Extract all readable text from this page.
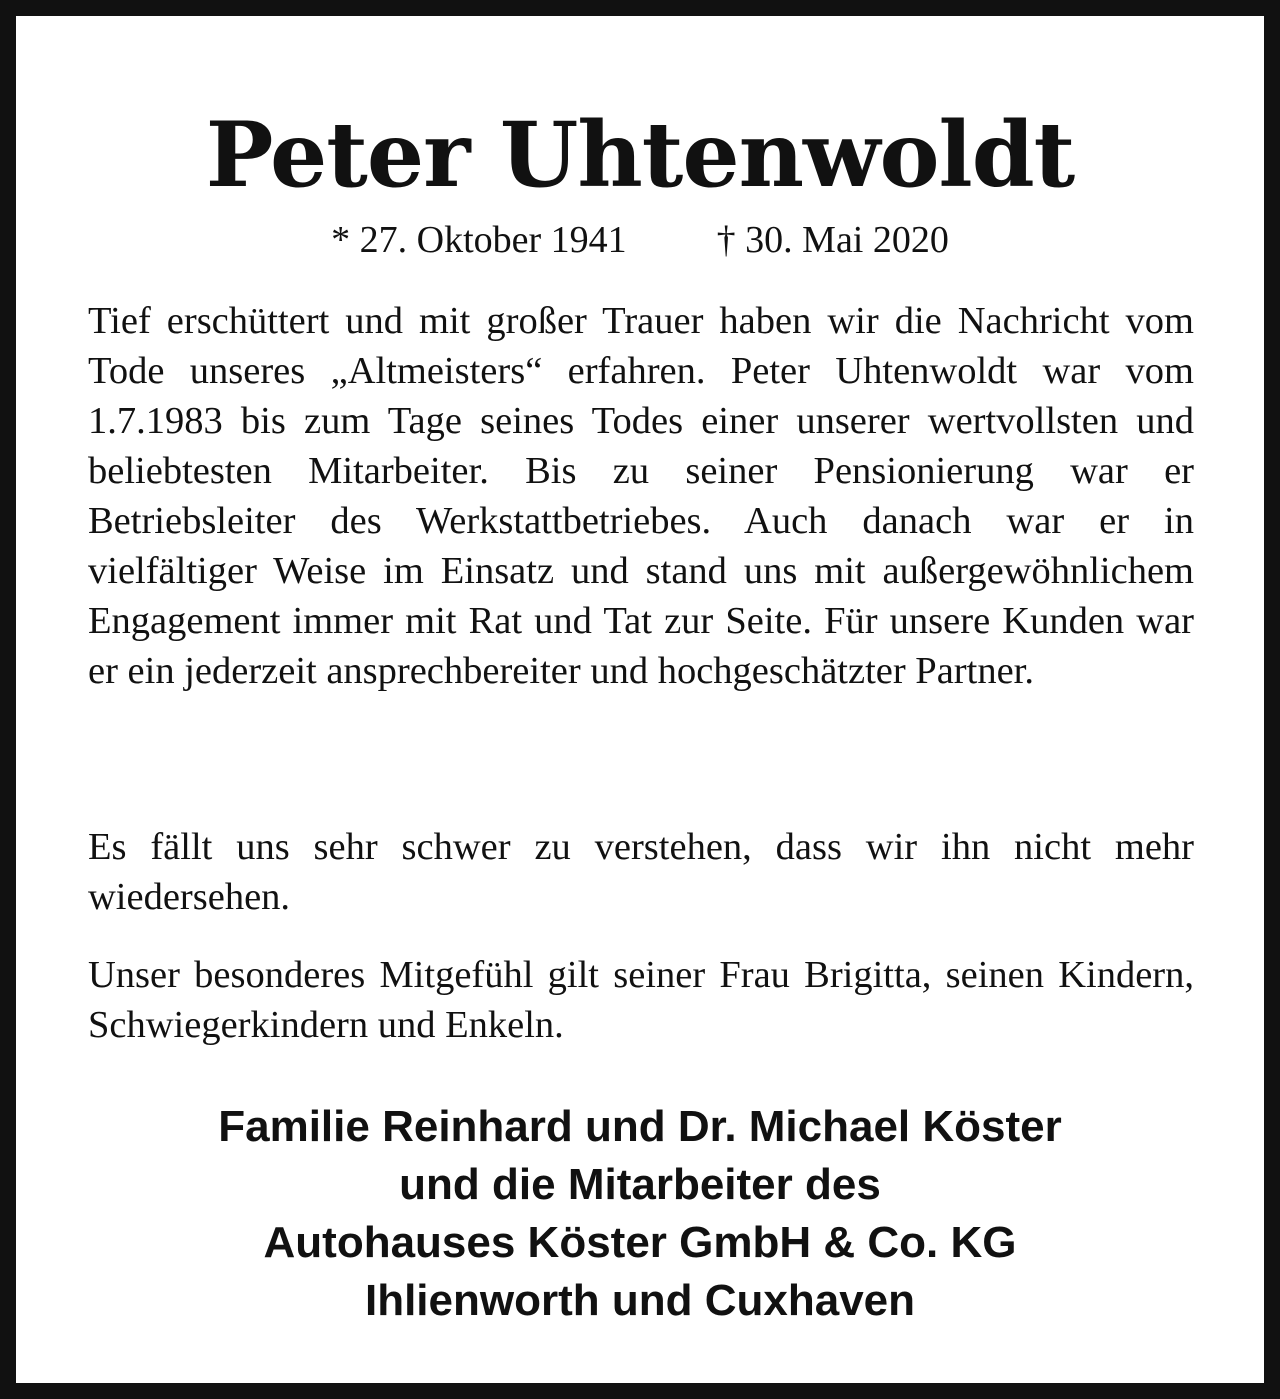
Peter Uhtenwoldt
* 27. Oktober 1941 † 30. Mai 2020

Tief erschüttert und mit großer Trauer haben wir die Nachricht vom Tode unseres „Altmeisters“ erfahren. Peter Uhtenwoldt war vom 1.7.1983 bis zum Tage seines Todes einer unserer wertvollsten und beliebtesten Mitarbeiter. Bis zu seiner Pensionierung war er Betriebsleiter des Werkstattbetriebes. Auch danach war er in vielfältiger Weise im Einsatz und stand uns mit außergewöhnlichem Engagement immer mit Rat und Tat zur Seite. Für unsere Kunden war er ein jederzeit ansprechbereiter und hochgeschätzter Partner.

Es fällt uns sehr schwer zu verstehen, dass wir ihn nicht mehr wiedersehen.

Unser besonderes Mitgefühl gilt seiner Frau Brigitta, seinen Kindern, Schwiegerkindern und Enkeln.

Familie Reinhard und Dr. Michael Köster
und die Mitarbeiter des
Autohauses Köster GmbH & Co. KG
Ihlienworth und Cuxhaven
